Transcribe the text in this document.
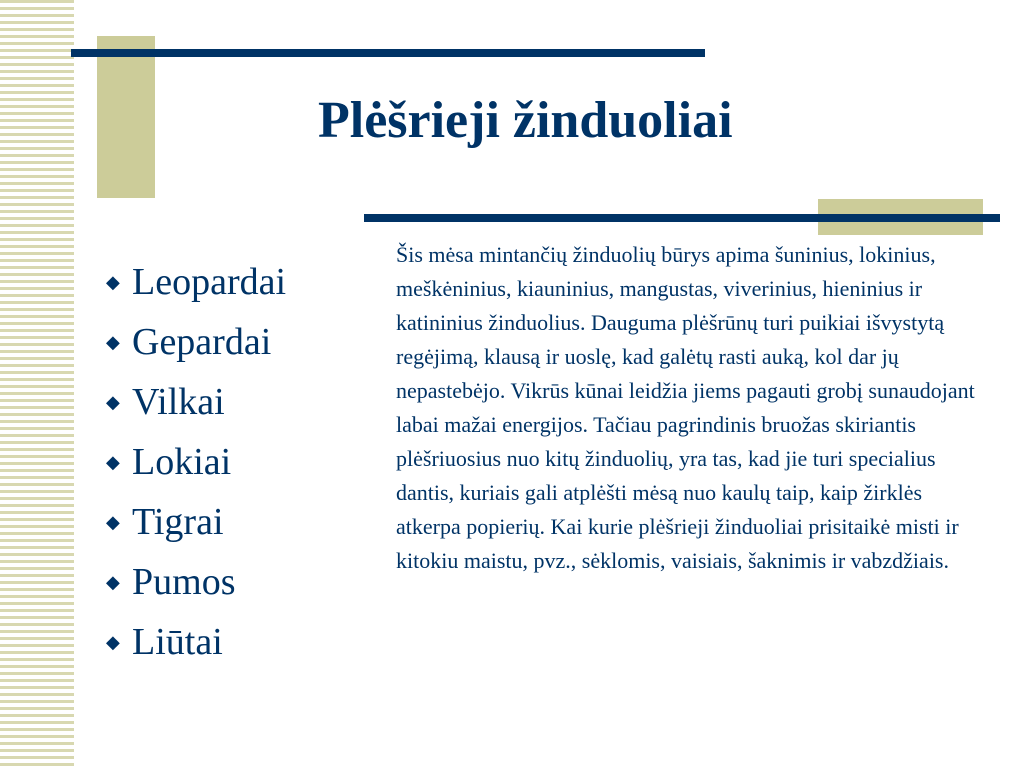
Plėšrieji žinduoliai
◆ Leopardai
◆ Gepardai
◆ Vilkai
◆ Lokiai
◆ Tigrai
◆ Pumos
◆ Liūtai

Šis mėsa mintančių žinduolių būrys apima šuninius, lokinius, meškėninius, kiauninius, mangustas, viverinius, hieninius ir katininius žinduolius. Dauguma plėšrūnų turi puikiai išvystytą regėjimą, klausą ir uoslę, kad galėtų rasti auką, kol dar jų nepastebėjo. Vikrūs kūnai leidžia jiems pagauti grobį sunaudojant labai mažai energijos. Tačiau pagrindinis bruožas skiriantis plėšriuosius nuo kitų žinduolių, yra tas, kad jie turi specialius dantis, kuriais gali atplėšti mėsą nuo kaulų taip, kaip žirklės atkerpa popierių. Kai kurie plėšrieji žinduoliai prisitaikė misti ir kitokiu maistu, pvz., sėklomis, vaisiais, šaknimis ir vabzdžiais.
